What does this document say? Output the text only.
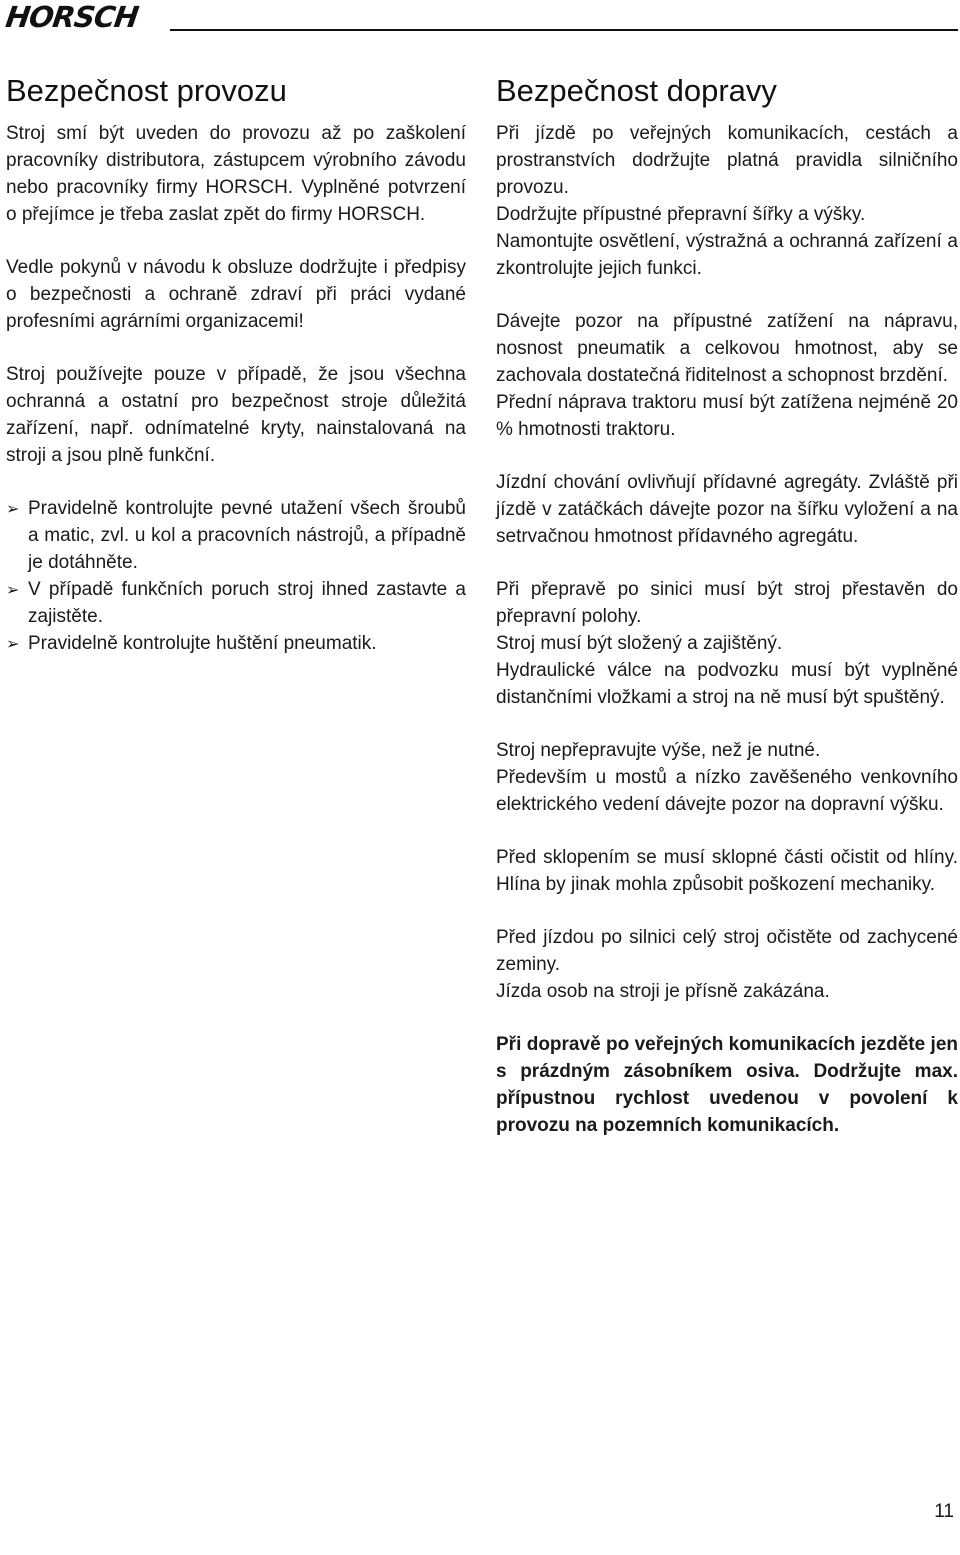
HORSCH
Bezpečnost provozu

Stroj smí být uveden do provozu až po zaškolení pracovníky distributora, zástupcem výrobního závodu nebo pracovníky firmy HORSCH. Vyplněné potvrzení o přejímce je třeba zaslat zpět do firmy HORSCH.

Vedle pokynů v návodu k obsluze dodržujte i předpisy o bezpečnosti a ochraně zdraví při práci vydané profesními agrárními organizacemi!

Stroj používejte pouze v případě, že jsou všechna ochranná a ostatní pro bezpečnost stroje důležitá zařízení, např. odnímatelné kryty, nainstalovaná na stroji a jsou plně funkční.

➢ Pravidelně kontrolujte pevné utažení všech šroubů a matic, zvl. u kol a pracovních nástrojů, a případně je dotáhněte.
➢ V případě funkčních poruch stroj ihned zastavte a zajistěte.
➢ Pravidelně kontrolujte huštění pneumatik.
Bezpečnost dopravy

Při jízdě po veřejných komunikacích, cestách a prostranstvích dodržujte platná pravidla silničního provozu.
Dodržujte přípustné přepravní šířky a výšky.
Namontujte osvětlení, výstražná a ochranná zařízení a zkontrolujte jejich funkci.

Dávejte pozor na přípustné zatížení na nápravu, nosnost pneumatik a celkovou hmotnost, aby se zachovala dostatečná řiditelnost a schopnost brzdění.
Přední náprava traktoru musí být zatížena nejméně 20 % hmotnosti traktoru.

Jízdní chování ovlivňují přídavné agregáty. Zvláště při jízdě v zatáčkách dávejte pozor na šířku vyložení a na setrvačnou hmotnost přídavného agregátu.

Při přepravě po sinici musí být stroj přestavěn do přepravní polohy.
Stroj musí být složený a zajištěný.
Hydraulické válce na podvozku musí být vyplněné distančními vložkami a stroj na ně musí být spuštěný.

Stroj nepřepravujte výše, než je nutné.
Především u mostů a nízko zavěšeného venkovního elektrického vedení dávejte pozor na dopravní výšku.

Před sklopením se musí sklopné části očistit od hlíny. Hlína by jinak mohla způsobit poškození mechaniky.

Před jízdou po silnici celý stroj očistěte od zachycené zeminy.
Jízda osob na stroji je přísně zakázána.

Při dopravě po veřejných komunikacích jezděte jen s prázdným zásobníkem osiva. Dodržujte max. přípustnou rychlost uvedenou v povolení k provozu na pozemních komunikacích.

11
